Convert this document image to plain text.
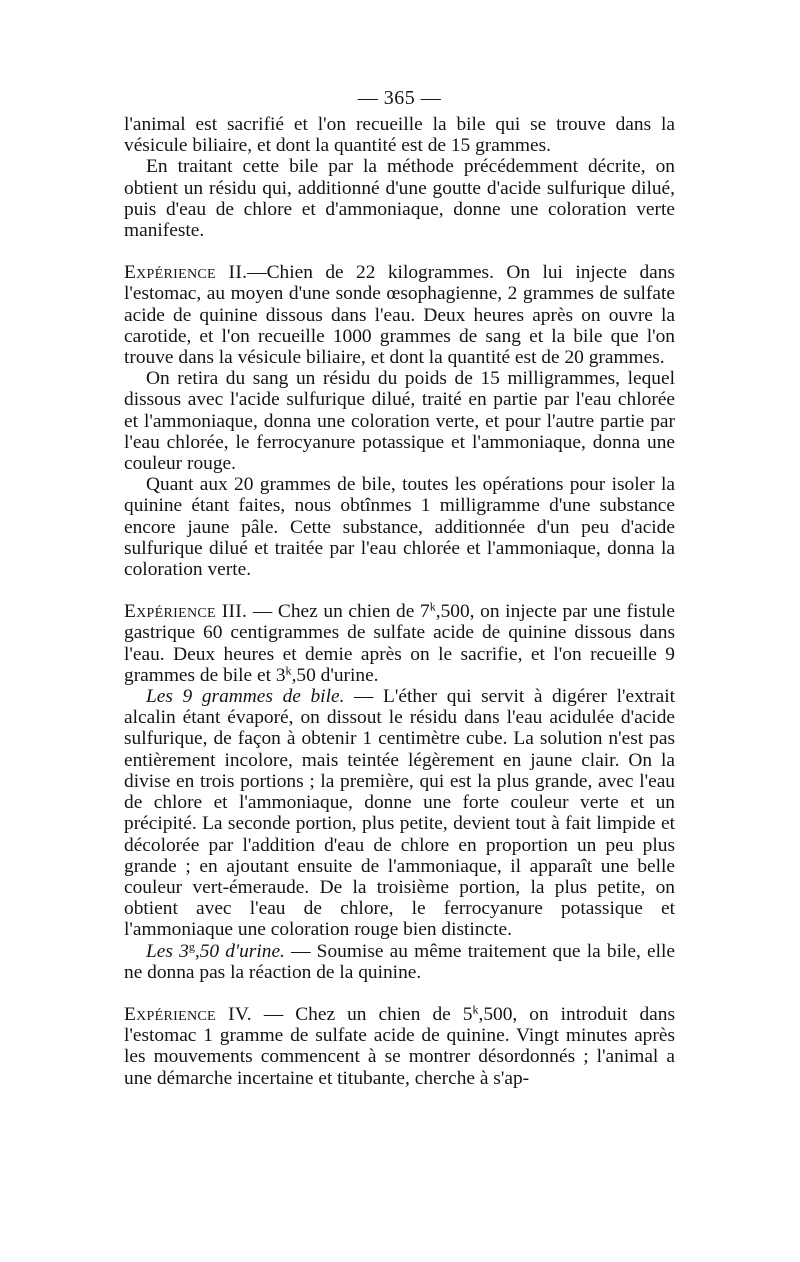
— 365 —

l'animal est sacrifié et l'on recueille la bile qui se trouve dans la vésicule biliaire, et dont la quantité est de 15 grammes.

En traitant cette bile par la méthode précédemment décrite, on obtient un résidu qui, additionné d'une goutte d'acide sulfurique dilué, puis d'eau de chlore et d'ammoniaque, donne une coloration verte manifeste.

Expérience II.—Chien de 22 kilogrammes. On lui injecte dans l'estomac, au moyen d'une sonde œsophagienne, 2 grammes de sulfate acide de quinine dissous dans l'eau. Deux heures après on ouvre la carotide, et l'on recueille 1000 grammes de sang et la bile que l'on trouve dans la vésicule biliaire, et dont la quantité est de 20 grammes.

On retira du sang un résidu du poids de 15 milligrammes, lequel dissous avec l'acide sulfurique dilué, traité en partie par l'eau chlorée et l'ammoniaque, donna une coloration verte, et pour l'autre partie par l'eau chlorée, le ferrocyanure potassique et l'ammoniaque, donna une couleur rouge.

Quant aux 20 grammes de bile, toutes les opérations pour isoler la quinine étant faites, nous obtînmes 1 milligramme d'une substance encore jaune pâle. Cette substance, additionnée d'un peu d'acide sulfurique dilué et traitée par l'eau chlorée et l'ammoniaque, donna la coloration verte.

Expérience III. — Chez un chien de 7$^k$,500, on injecte par une fistule gastrique 60 centigrammes de sulfate acide de quinine dissous dans l'eau. Deux heures et demie après on le sacrifie, et l'on recueille 9 grammes de bile et 3$^k$,50 d'urine.

Les 9 grammes de bile. — L'éther qui servit à digérer l'extrait alcalin étant évaporé, on dissout le résidu dans l'eau acidulée d'acide sulfurique, de façon à obtenir 1 centimètre cube. La solution n'est pas entièrement incolore, mais teintée légèrement en jaune clair. On la divise en trois portions ; la première, qui est la plus grande, avec l'eau de chlore et l'ammoniaque, donne une forte couleur verte et un précipité. La seconde portion, plus petite, devient tout à fait limpide et décolorée par l'addition d'eau de chlore en proportion un peu plus grande ; en ajoutant ensuite de l'ammoniaque, il apparaît une belle couleur vert-émeraude. De la troisième portion, la plus petite, on obtient avec l'eau de chlore, le ferrocyanure potassique et l'ammoniaque une coloration rouge bien distincte.

Les 3$^g$,50 d'urine. — Soumise au même traitement que la bile, elle ne donna pas la réaction de la quinine.

Expérience IV. — Chez un chien de 5$^k$,500, on introduit dans l'estomac 1 gramme de sulfate acide de quinine. Vingt minutes après les mouvements commencent à se montrer désordonnés ; l'animal a une démarche incertaine et titubante, cherche à s'ap-
